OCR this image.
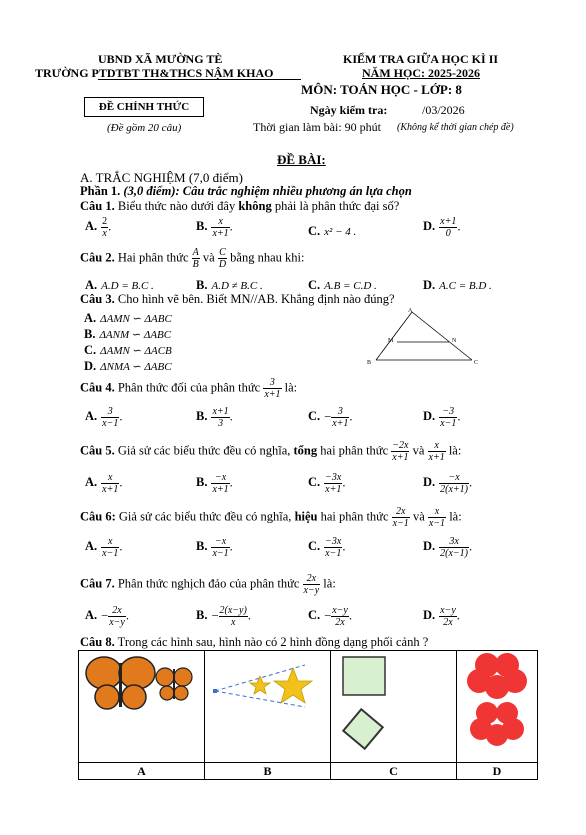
UBND XÃ MƯỜNG TÈ
TRƯỜNG PTDTBT TH&THCS NẬM KHAO
KIỂM TRA GIỮA HỌC KÌ II
NĂM HỌC: 2025-2026
ĐỀ CHÍNH THỨC
(Đề gồm 20 câu)
MÔN: TOÁN HỌC - LỚP: 8
Ngày kiểm tra:	/03/2026
Thời gian làm bài: 90 phút (Không kể thời gian chép đề)
ĐỀ BÀI:
A. TRẮC NGHIỆM (7,0 điểm)
Phần 1. (3,0 điểm): Câu trắc nghiệm nhiều phương án lựa chọn
Câu 1. Biểu thức nào dưới đây không phải là phân thức đại số?
A. $\frac{2}{x}$ .	B. $\frac{x}{x+1}$ .	C. x² − 4 .	D. $\frac{x+1}{0}$ .
Câu 2. Hai phân thức $\frac{A}{B}$ và $\frac{C}{D}$ bằng nhau khi:
A. A.D = B.C .	B. A.D ≠ B.C .	C. A.B = C.D .	D. A.C = B.D .
Câu 3. Cho hình vẽ bên. Biết MN//AB. Khẳng định nào đúng?
A. ΔAMN ∽ ΔABC
B. ΔANM ∽ ΔABC
C. ΔAMN ∽ ΔACB
D. ΔNMA ∽ ΔABC
A
M	N
B	C
Câu 4. Phân thức đối của phân thức $\frac{3}{x+1}$ là:
A. $\frac{3}{x-1}$ .	B. $\frac{x+1}{3}$ .	C. − $\frac{3}{x+1}$ .	D. $\frac{-3}{x-1}$ .
Câu 5. Giả sử các biểu thức đều có nghĩa, tổng hai phân thức $\frac{-2x}{x+1}$ và $\frac{x}{x+1}$ là:
A. $\frac{x}{x+1}$ .	B. $\frac{-x}{x+1}$ .	C. $\frac{-3x}{x+1}$ .	D. $\frac{-x}{2(x+1)}$ .
Câu 6: Giả sử các biểu thức đều có nghĩa, hiệu hai phân thức $\frac{2x}{x-1}$ và $\frac{x}{x-1}$ là:
A. $\frac{x}{x-1}$ .	B. $\frac{-x}{x-1}$ .	C. $\frac{-3x}{x-1}$ .	D. $\frac{3x}{2(x-1)}$ .
Câu 7. Phân thức nghịch đảo của phân thức $\frac{2x}{x-y}$ là:
A. − $\frac{2x}{x-y}$ .	B. − $\frac{2(x-y)}{x}$ .	C. − $\frac{x-y}{2x}$ .	D. $\frac{x-y}{2x}$ .
Câu 8. Trong các hình sau, hình nào có 2 hình đồng dạng phối cảnh ?

A	B	C	D
